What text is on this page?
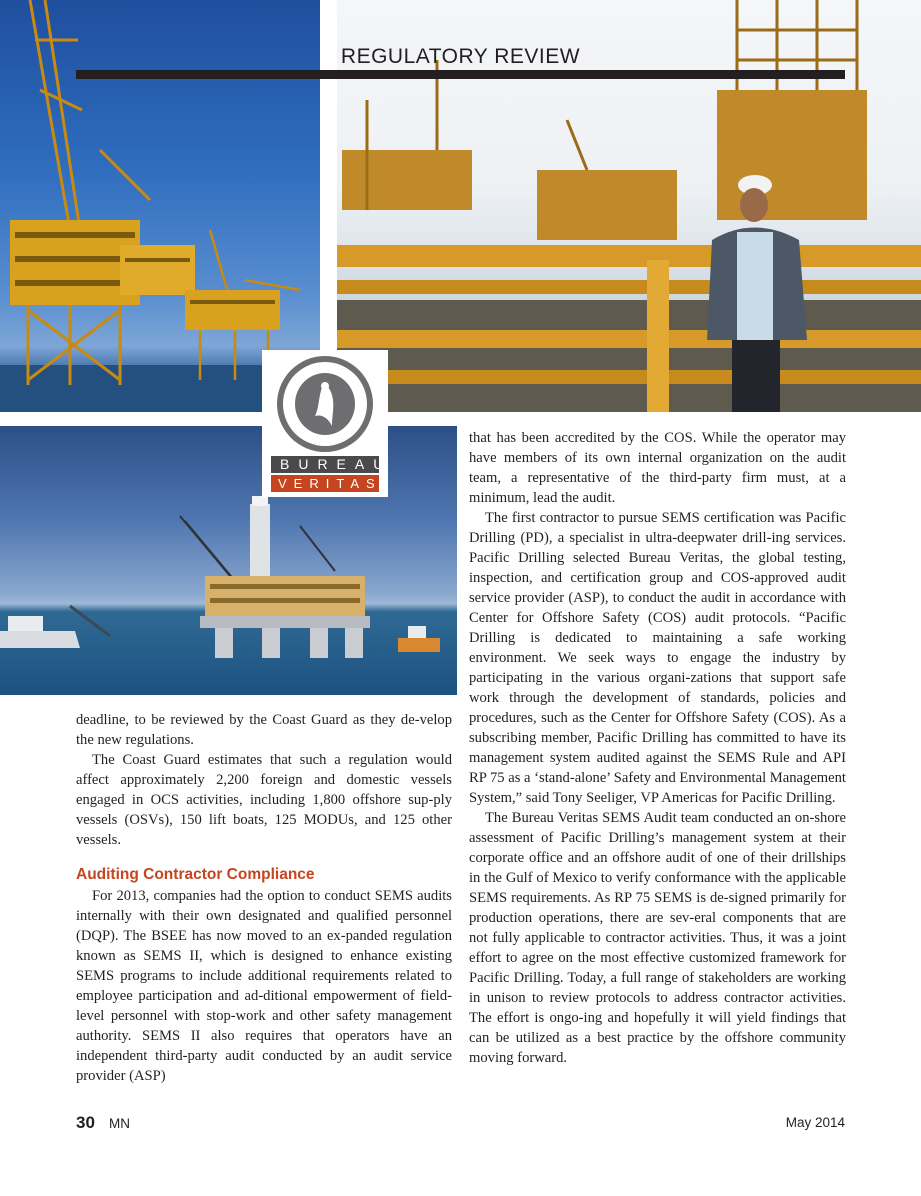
REGULATORY REVIEW
BUREAU
VERITAS

deadline, to be reviewed by the Coast Guard as they de-velop the new regulations.

The Coast Guard estimates that such a regulation would affect approximately 2,200 foreign and domestic vessels engaged in OCS activities, including 1,800 offshore sup-ply vessels (OSVs), 150 lift boats, 125 MODUs, and 125 other vessels.

Auditing Contractor Compliance

For 2013, companies had the option to conduct SEMS audits internally with their own designated and qualified personnel (DQP). The BSEE has now moved to an ex-panded regulation known as SEMS II, which is designed to enhance existing SEMS programs to include additional requirements related to employee participation and ad-ditional empowerment of field-level personnel with stop-work and other safety management authority. SEMS II also requires that operators have an independent third-party audit conducted by an audit service provider (ASP)

that has been accredited by the COS. While the operator may have members of its own internal organization on the audit team, a representative of the third-party firm must, at a minimum, lead the audit.

The first contractor to pursue SEMS certification was Pacific Drilling (PD), a specialist in ultra-deepwater drill-ing services. Pacific Drilling selected Bureau Veritas, the global testing, inspection, and certification group and COS-approved audit service provider (ASP), to conduct the audit in accordance with Center for Offshore Safety (COS) audit protocols. “Pacific Drilling is dedicated to maintaining a safe working environment. We seek ways to engage the industry by participating in the various organi-zations that support safe work through the development of standards, policies and procedures, such as the Center for Offshore Safety (COS). As a subscribing member, Pacific Drilling has committed to have its management system audited against the SEMS Rule and API RP 75 as a ‘stand-alone’ Safety and Environmental Management System,” said Tony Seeliger, VP Americas for Pacific Drilling.

The Bureau Veritas SEMS Audit team conducted an on-shore assessment of Pacific Drilling’s management system at their corporate office and an offshore audit of one of their drillships in the Gulf of Mexico to verify conformance with the applicable SEMS requirements. As RP 75 SEMS is de-signed primarily for production operations, there are sev-eral components that are not fully applicable to contractor activities. Thus, it was a joint effort to agree on the most effective customized framework for Pacific Drilling. Today, a full range of stakeholders are working in unison to review protocols to address contractor activities. The effort is ongo-ing and hopefully it will yield findings that can be utilized as a best practice by the offshore community moving forward.

30 MN	May 2014
